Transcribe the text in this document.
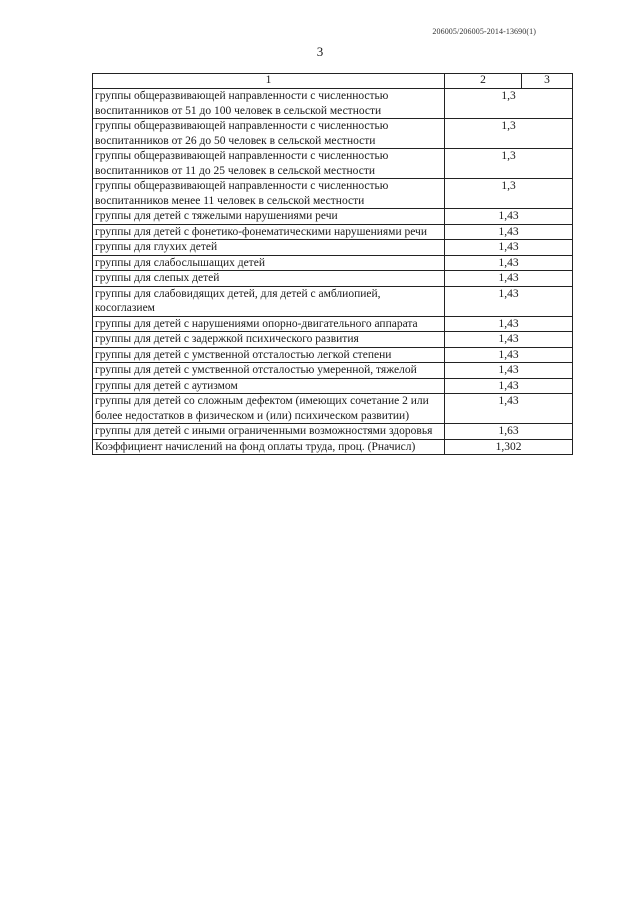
206005/206005-2014-13690(1)
3
1	2	3
группы общеразвивающей направленности с численностью воспитанников от 51 до 100 человек в сельской местности	1,3	
группы общеразвивающей направленности с численностью воспитанников от 26 до 50 человек в сельской местности	1,3	
группы общеразвивающей направленности с численностью воспитанников от 11 до 25 человек в сельской местности	1,3	
группы общеразвивающей направленности с численностью воспитанников менее 11 человек в сельской местности	1,3	
группы для детей с тяжелыми нарушениями речи	1,43	
группы для детей с фонетико-фонематическими нарушениями речи	1,43	
группы для глухих детей	1,43	
группы для слабослышащих детей	1,43	
группы для слепых детей	1,43	
группы для слабовидящих детей, для детей с амблиопией, косоглазием	1,43	
группы для детей с нарушениями опорно-двигательного аппарата	1,43	
группы для детей с задержкой психического развития	1,43	
группы для детей с умственной отсталостью легкой степени	1,43	
группы для детей с умственной отсталостью умеренной, тяжелой	1,43	
группы для детей с аутизмом	1,43	
группы для детей со сложным дефектом (имеющих сочетание 2 или более недостатков в физическом и (или) психическом развитии)	1,43	
группы для детей с иными ограниченными возможностями здоровья	1,63	
Коэффициент начислений на фонд оплаты труда, проц. (Рначисл)	1,302	
